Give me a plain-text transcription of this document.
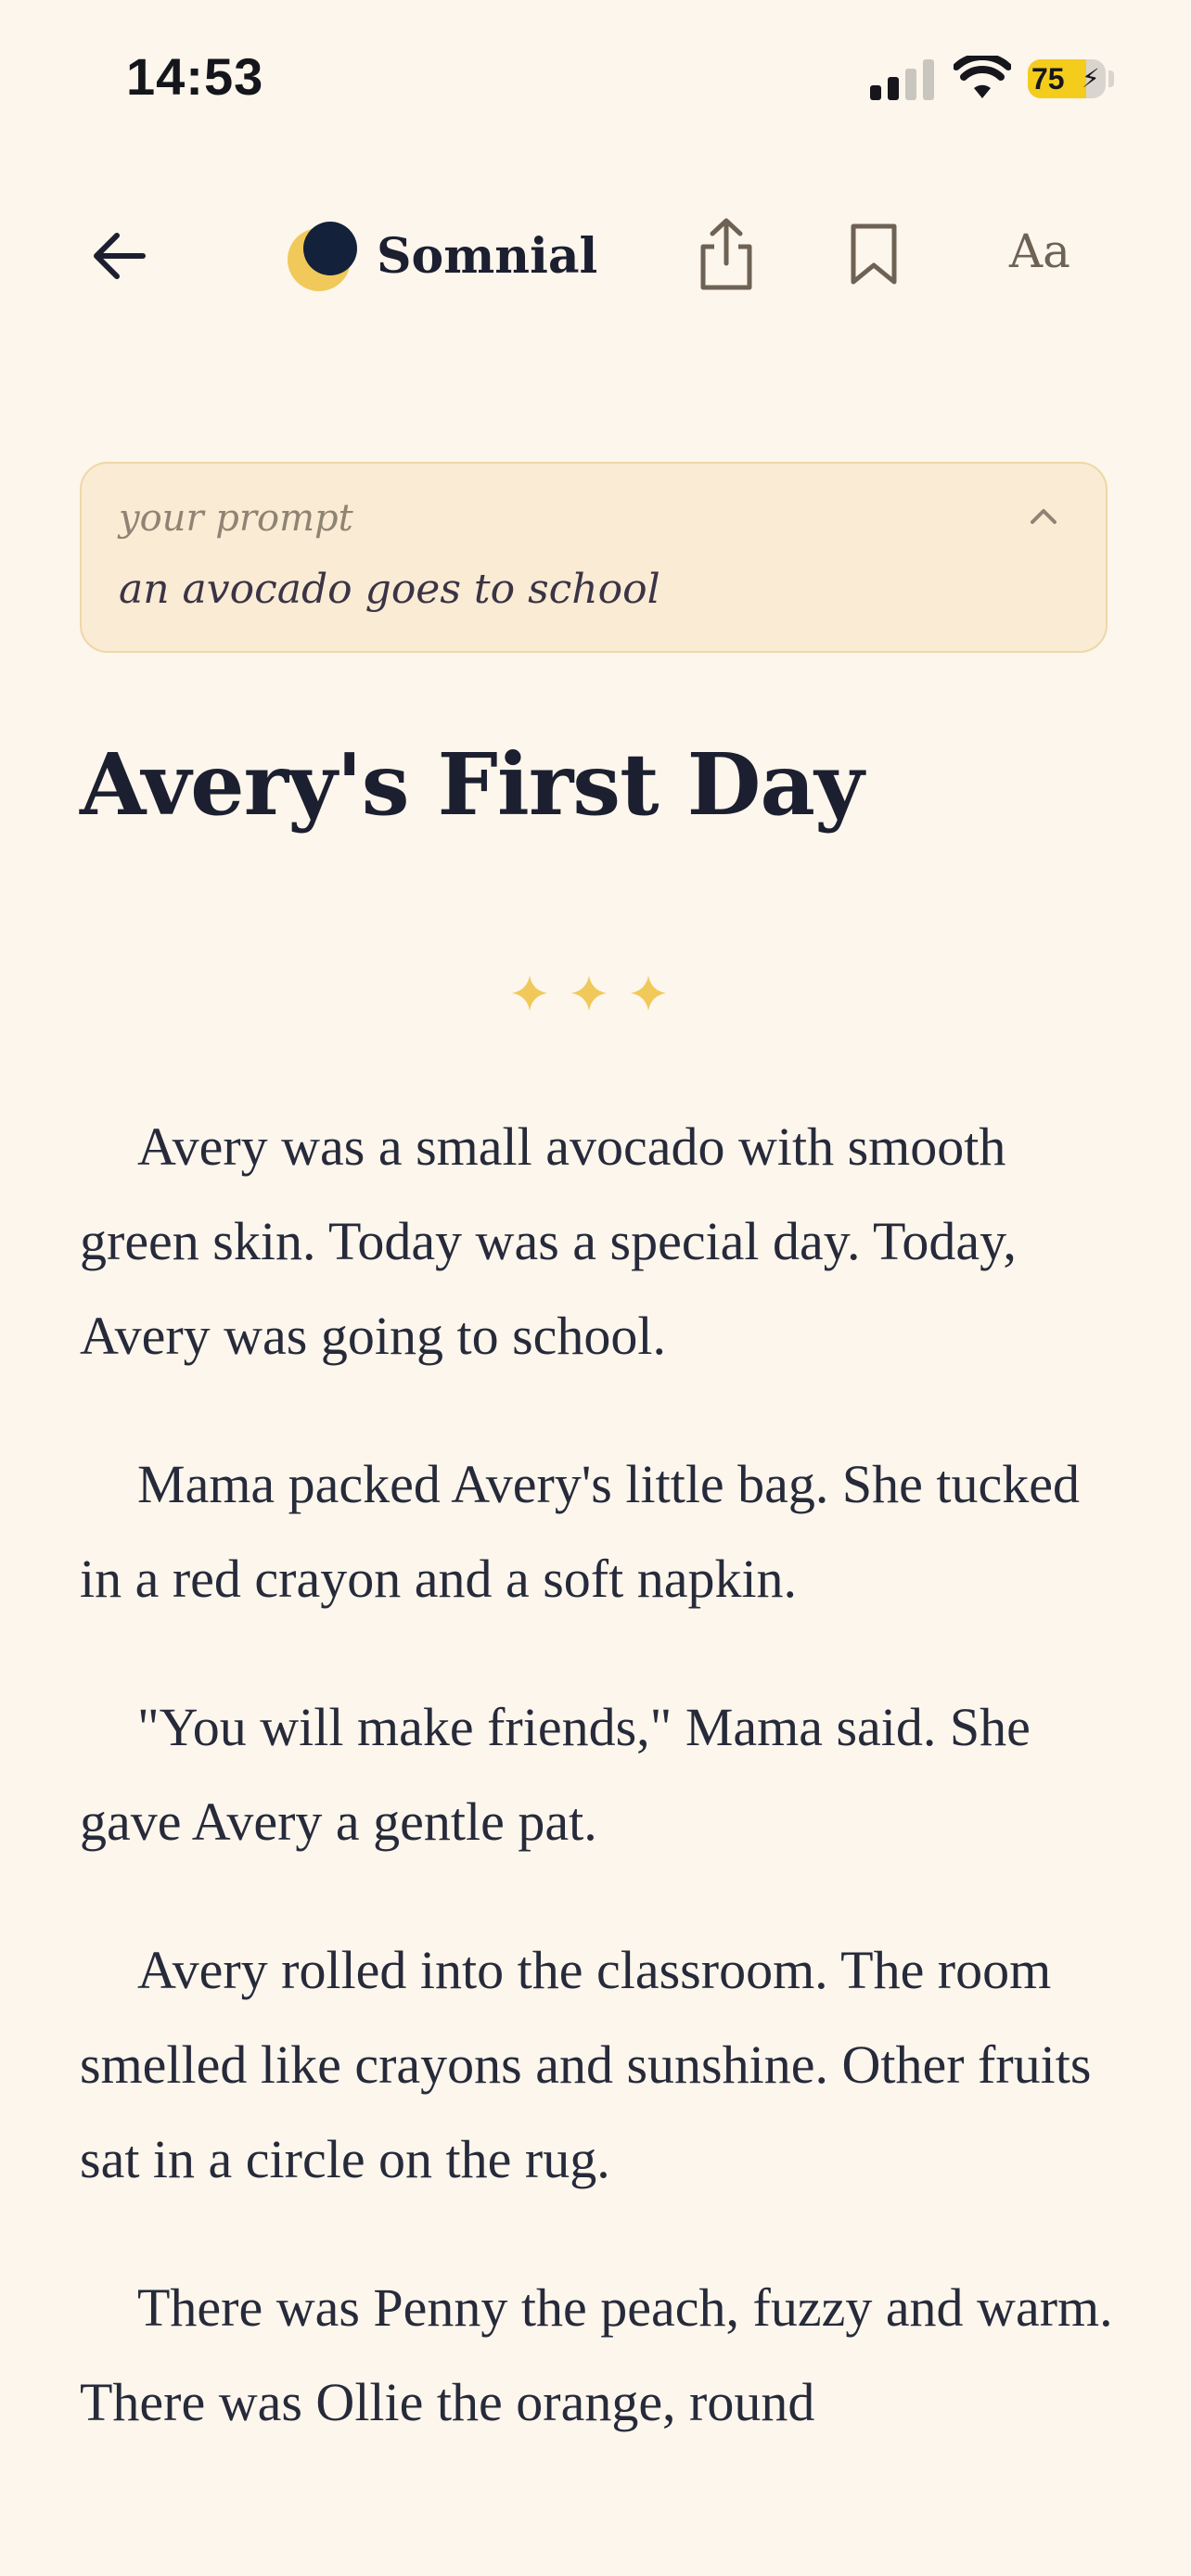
14:53	75 ⚡
Somnial	Aa
your prompt
an avocado goes to school
Avery's First Day

Avery was a small avocado with smooth green skin. Today was a special day. Today, Avery was going to school.

Mama packed Avery's little bag. She tucked in a red crayon and a soft napkin.

"You will make friends," Mama said. She gave Avery a gentle pat.

Avery rolled into the classroom. The room smelled like crayons and sunshine. Other fruits sat in a circle on the rug.

There was Penny the peach, fuzzy and warm. There was Ollie the orange, round
